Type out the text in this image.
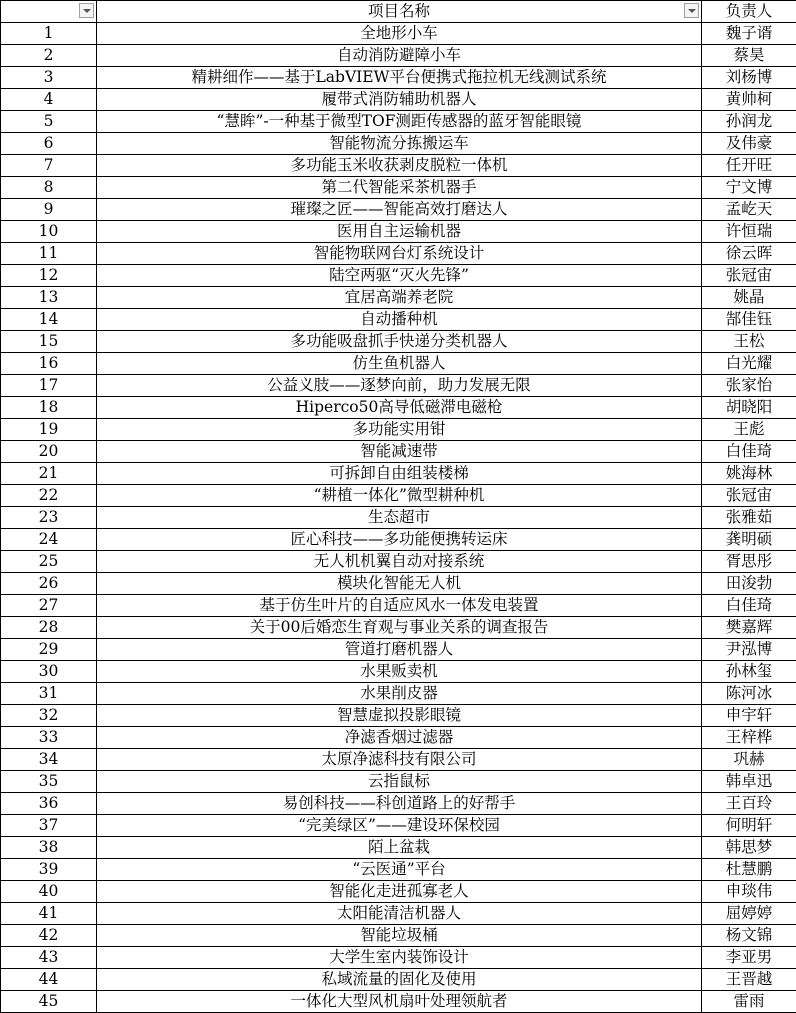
	项目名称	负责人
1	全地形小车	魏子谞
2	自动消防避障小车	蔡昊
3	精耕细作——基于LabVIEW平台便携式拖拉机无线测试系统	刘杨博
4	履带式消防辅助机器人	黄帅柯
5	“慧眸”-一种基于微型TOF测距传感器的蓝牙智能眼镜	孙润龙
6	智能物流分拣搬运车	及伟豪
7	多功能玉米收获剥皮脱粒一体机	任开旺
8	第二代智能采茶机器手	宁文博
9	璀璨之匠——智能高效打磨达人	孟屹天
10	医用自主运输机器	许恒瑞
11	智能物联网台灯系统设计	徐云晖
12	陆空两驱“灭火先锋”	张冠宙
13	宜居高端养老院	姚晶
14	自动播种机	郜佳钰
15	多功能吸盘抓手快递分类机器人	王松
16	仿生鱼机器人	白光耀
17	公益义肢——逐梦向前，助力发展无限	张家怡
18	Hiperco50高导低磁滞电磁枪	胡晓阳
19	多功能实用钳	王彪
20	智能减速带	白佳琦
21	可拆卸自由组装楼梯	姚海林
22	“耕植一体化”微型耕种机	张冠宙
23	生态超市	张雅茹
24	匠心科技——多功能便携转运床	龚明硕
25	无人机机翼自动对接系统	胥思彤
26	模块化智能无人机	田浚勃
27	基于仿生叶片的自适应风水一体发电装置	白佳琦
28	关于00后婚恋生育观与事业关系的调查报告	樊嘉辉
29	管道打磨机器人	尹泓博
30	水果贩卖机	孙林玺
31	水果削皮器	陈河冰
32	智慧虚拟投影眼镜	申宇轩
33	净滤香烟过滤器	王梓桦
34	太原净滤科技有限公司	巩赫
35	云指鼠标	韩卓迅
36	易创科技——科创道路上的好帮手	王百玲
37	“完美绿区”——建设环保校园	何明轩
38	陌上盆栽	韩思梦
39	“云医通”平台	杜慧鹏
40	智能化走进孤寡老人	申琰伟
41	太阳能清洁机器人	屈婷婷
42	智能垃圾桶	杨文锦
43	大学生室内装饰设计	李亚男
44	私域流量的固化及使用	王晋越
45	一体化大型风机扇叶处理领航者	雷雨
